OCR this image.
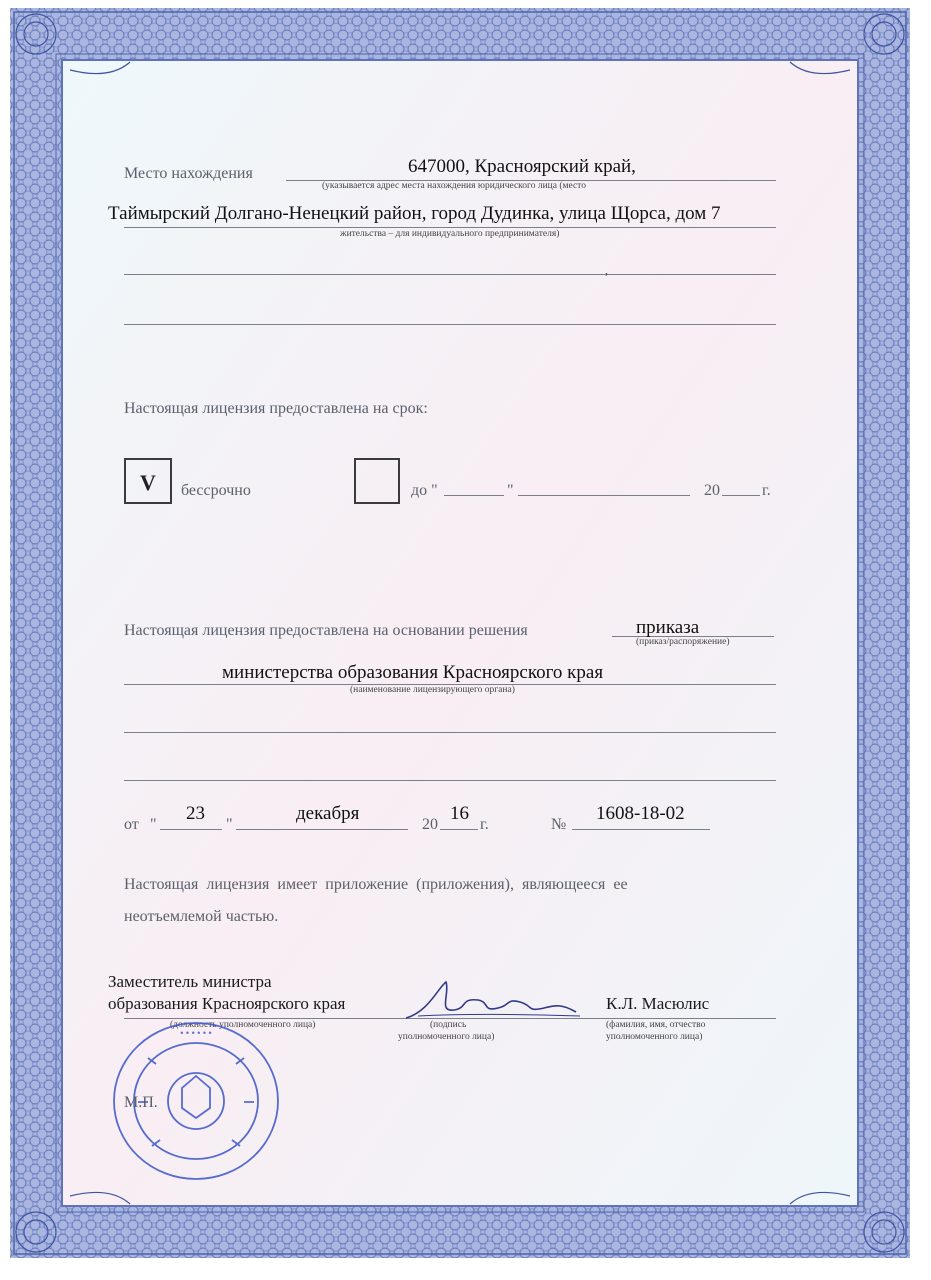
Место нахождения	647000, Красноярский край,
(указывается адрес места нахождения юридического лица (место
Таймырский Долгано-Ненецкий район, город Дудинка, улица Щорса, дом 7
жительства – для индивидуального предпринимателя)
,
Настоящая лицензия предоставлена на срок:
V бессрочно	до "	"	20	г.
Настоящая лицензия предоставлена на основании решения	приказа
(приказ/распоряжение)
министерства образования Красноярского края
(наименование лицензирующего органа)
от "
23
"
декабря
20
16
г.	№
1608-18-02
Настоящая  лицензия  имеет  приложение  (приложения),  являющееся  ее
неотъемлемой частью.
Заместитель министра
образования Красноярского края
(должность уполномоченного лица)	(подпись
уполномоченного лица)
К.Л. Масюлис
(фамилия, имя, отчество
уполномоченного лица)
• • • • • •
М.П.
